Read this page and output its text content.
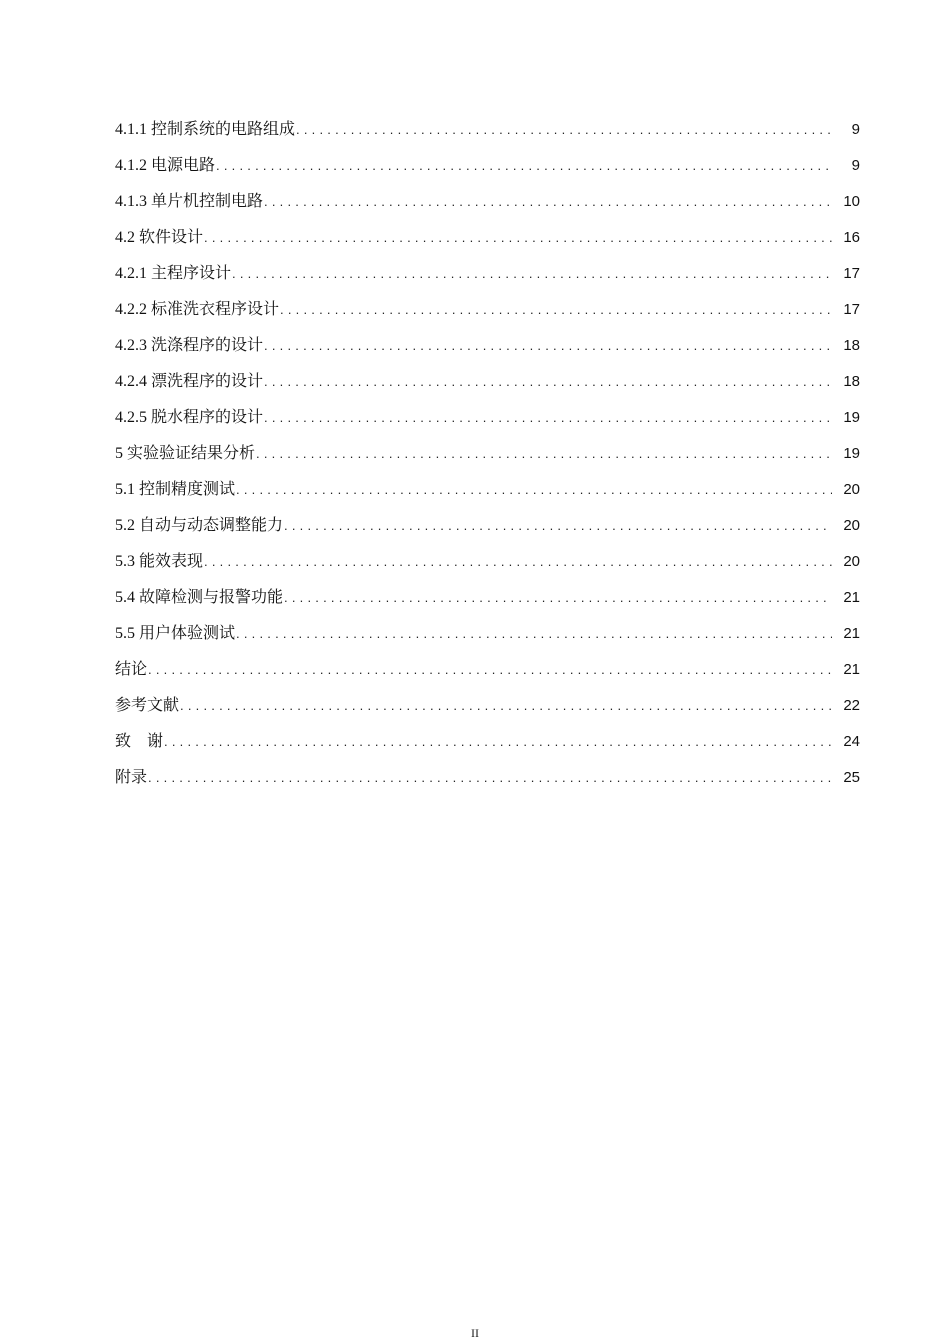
4.1.1 控制系统的电路组成 .....	9
4.1.2 电源电路 .....	9
4.1.3 单片机控制电路 .....	10
4.2 软件设计 .....	16
4.2.1 主程序设计 .....	17
4.2.2 标准洗衣程序设计 .....	17
4.2.3 洗涤程序的设计 .....	18
4.2.4 漂洗程序的设计 .....	18
4.2.5 脱水程序的设计 .....	19
5 实验验证结果分析 .....	19
5.1 控制精度测试 .....	20
5.2 自动与动态调整能力 .....	20
5.3 能效表现 .....	20
5.4 故障检测与报警功能 .....	21
5.5 用户体验测试 .....	21
结论 .....	21
参考文献 .....	22
致    谢 .....	24
附录 .....	25
II
